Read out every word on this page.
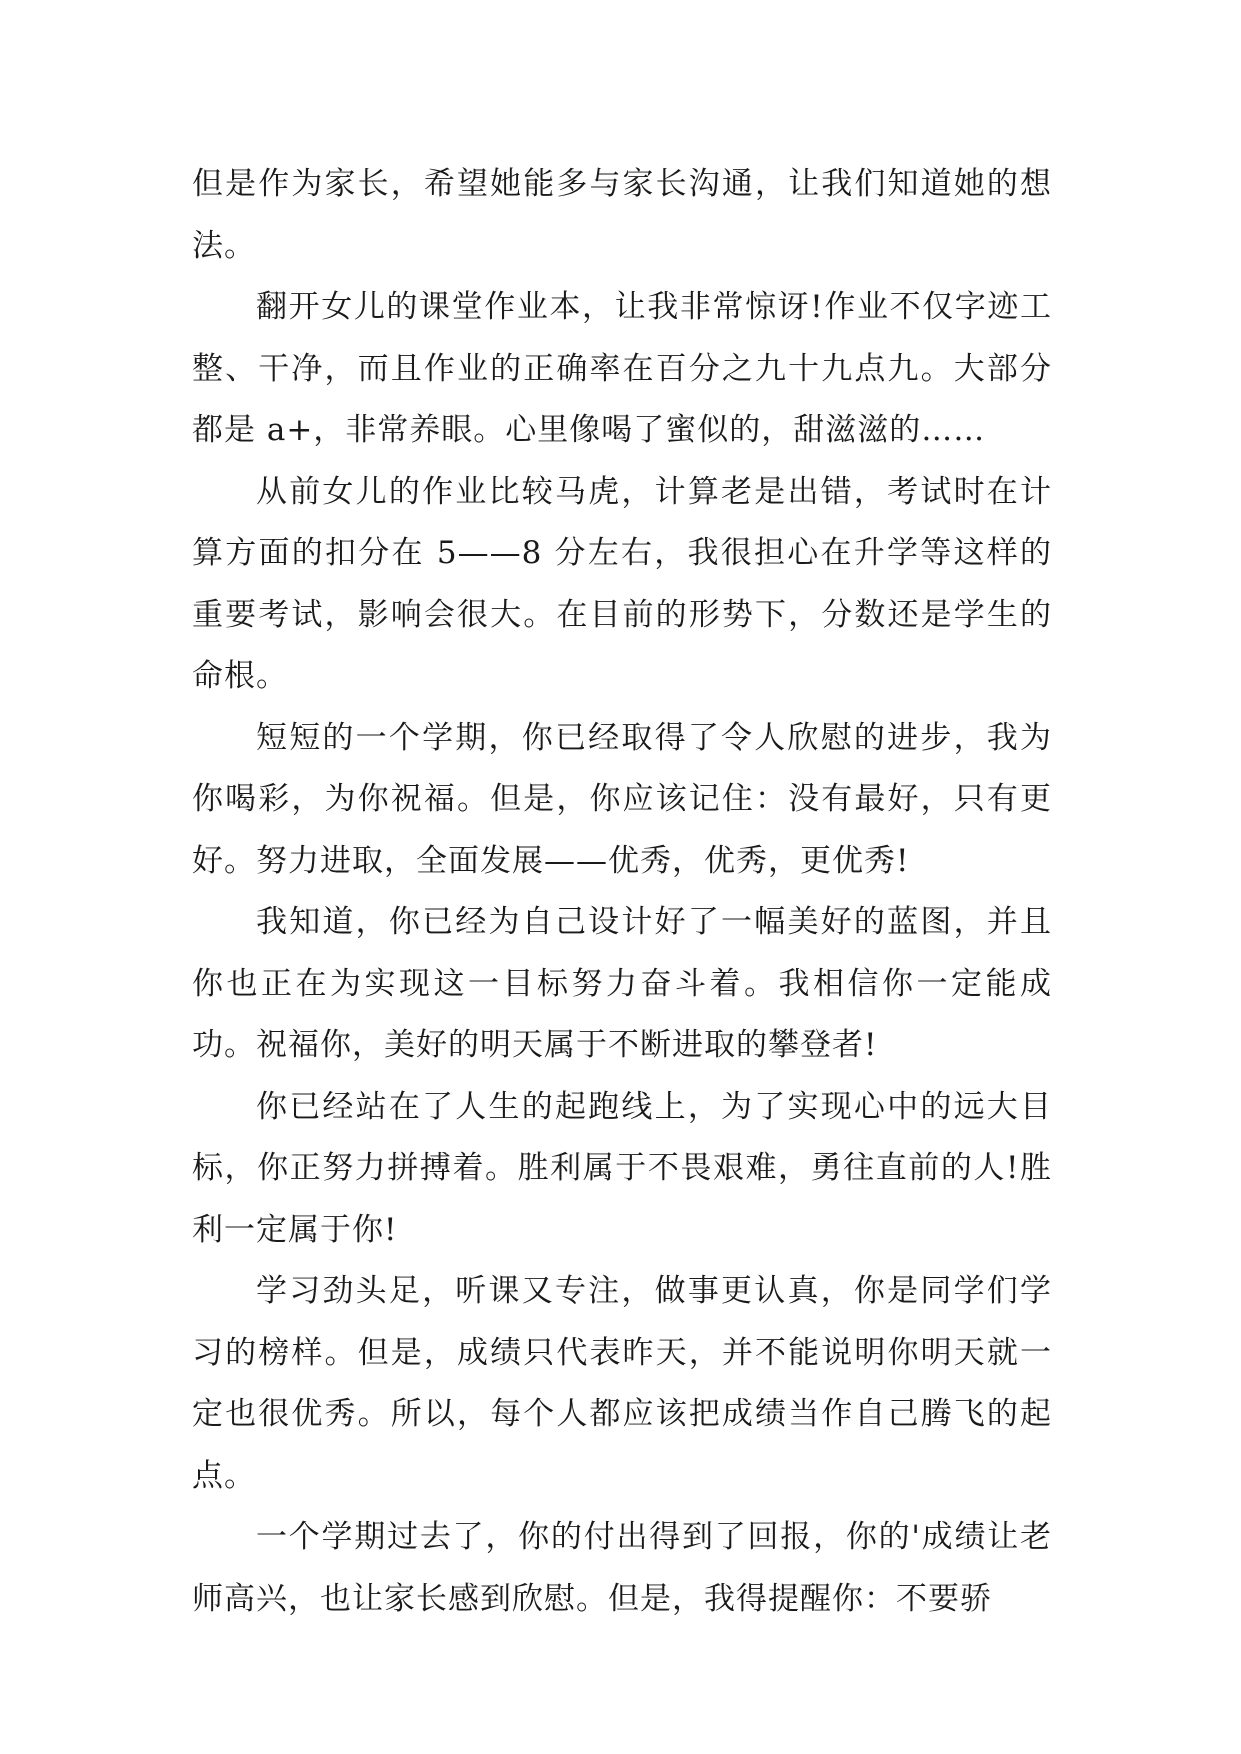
但是作为家长，希望她能多与家长沟通，让我们知道她的想法。

翻开女儿的课堂作业本，让我非常惊讶!作业不仅字迹工整、干净，而且作业的正确率在百分之九十九点九。大部分都是 a+，非常养眼。心里像喝了蜜似的，甜滋滋的……

从前女儿的作业比较马虎，计算老是出错，考试时在计算方面的扣分在 5——8 分左右，我很担心在升学等这样的重要考试，影响会很大。在目前的形势下，分数还是学生的命根。

短短的一个学期，你已经取得了令人欣慰的进步，我为你喝彩，为你祝福。但是，你应该记住：没有最好，只有更好。努力进取，全面发展——优秀，优秀，更优秀!

我知道，你已经为自己设计好了一幅美好的蓝图，并且你也正在为实现这一目标努力奋斗着。我相信你一定能成功。祝福你，美好的明天属于不断进取的攀登者!

你已经站在了人生的起跑线上，为了实现心中的远大目标，你正努力拼搏着。胜利属于不畏艰难，勇往直前的人!胜利一定属于你!

学习劲头足，听课又专注，做事更认真，你是同学们学习的榜样。但是，成绩只代表昨天，并不能说明你明天就一定也很优秀。所以，每个人都应该把成绩当作自己腾飞的起点。

一个学期过去了，你的付出得到了回报，你的'成绩让老师高兴，也让家长感到欣慰。但是，我得提醒你：不要骄
